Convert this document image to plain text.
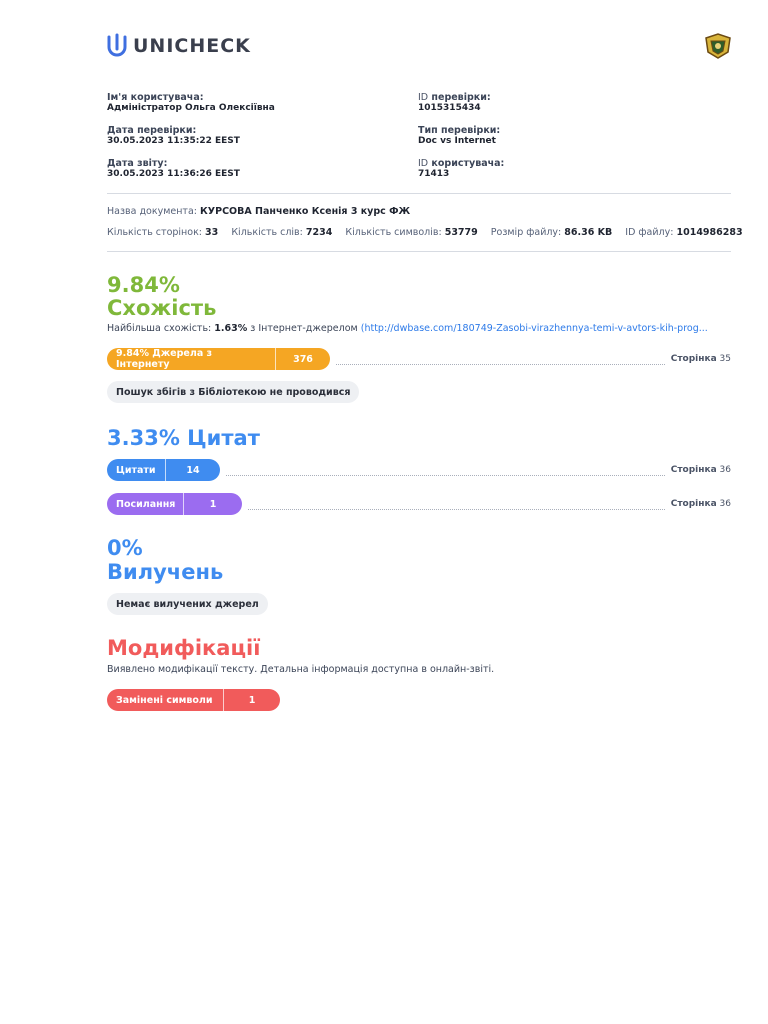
UNICHECK
Ім'я користувача:
Адміністратор Ольга Олексіївна
Дата перевірки:
30.05.2023 11:35:22 EEST
Дата звіту:
30.05.2023 11:36:26 EEST
ID перевірки:
1015315434
Тип перевірки:
Doc vs Internet
ID користувача:
71413
Назва документа: КУРСОВА Панченко Ксенія 3 курс ФЖ
Кількість сторінок: 33 Кількість слів: 7234 Кількість символів: 53779 Розмір файлу: 86.36 KB ID файлу: 1014986283
9.84%
Схожість
Найбільша схожість: 1.63% з Інтернет-джерелом (http://dwbase.com/180749-Zasobi-virazhennya-temi-v-avtors-kih-prog...
9.84% Джерела з Інтернету	376	Сторінка 35
Пошук збігів з Бібліотекою не проводився
3.33% Цитат
Цитати	14	Сторінка 36
Посилання	1	Сторінка 36
0%
Вилучень
Немає вилучених джерел
Модифікації
Виявлено модифікації тексту. Детальна інформація доступна в онлайн-звіті.
Замінені символи	1
